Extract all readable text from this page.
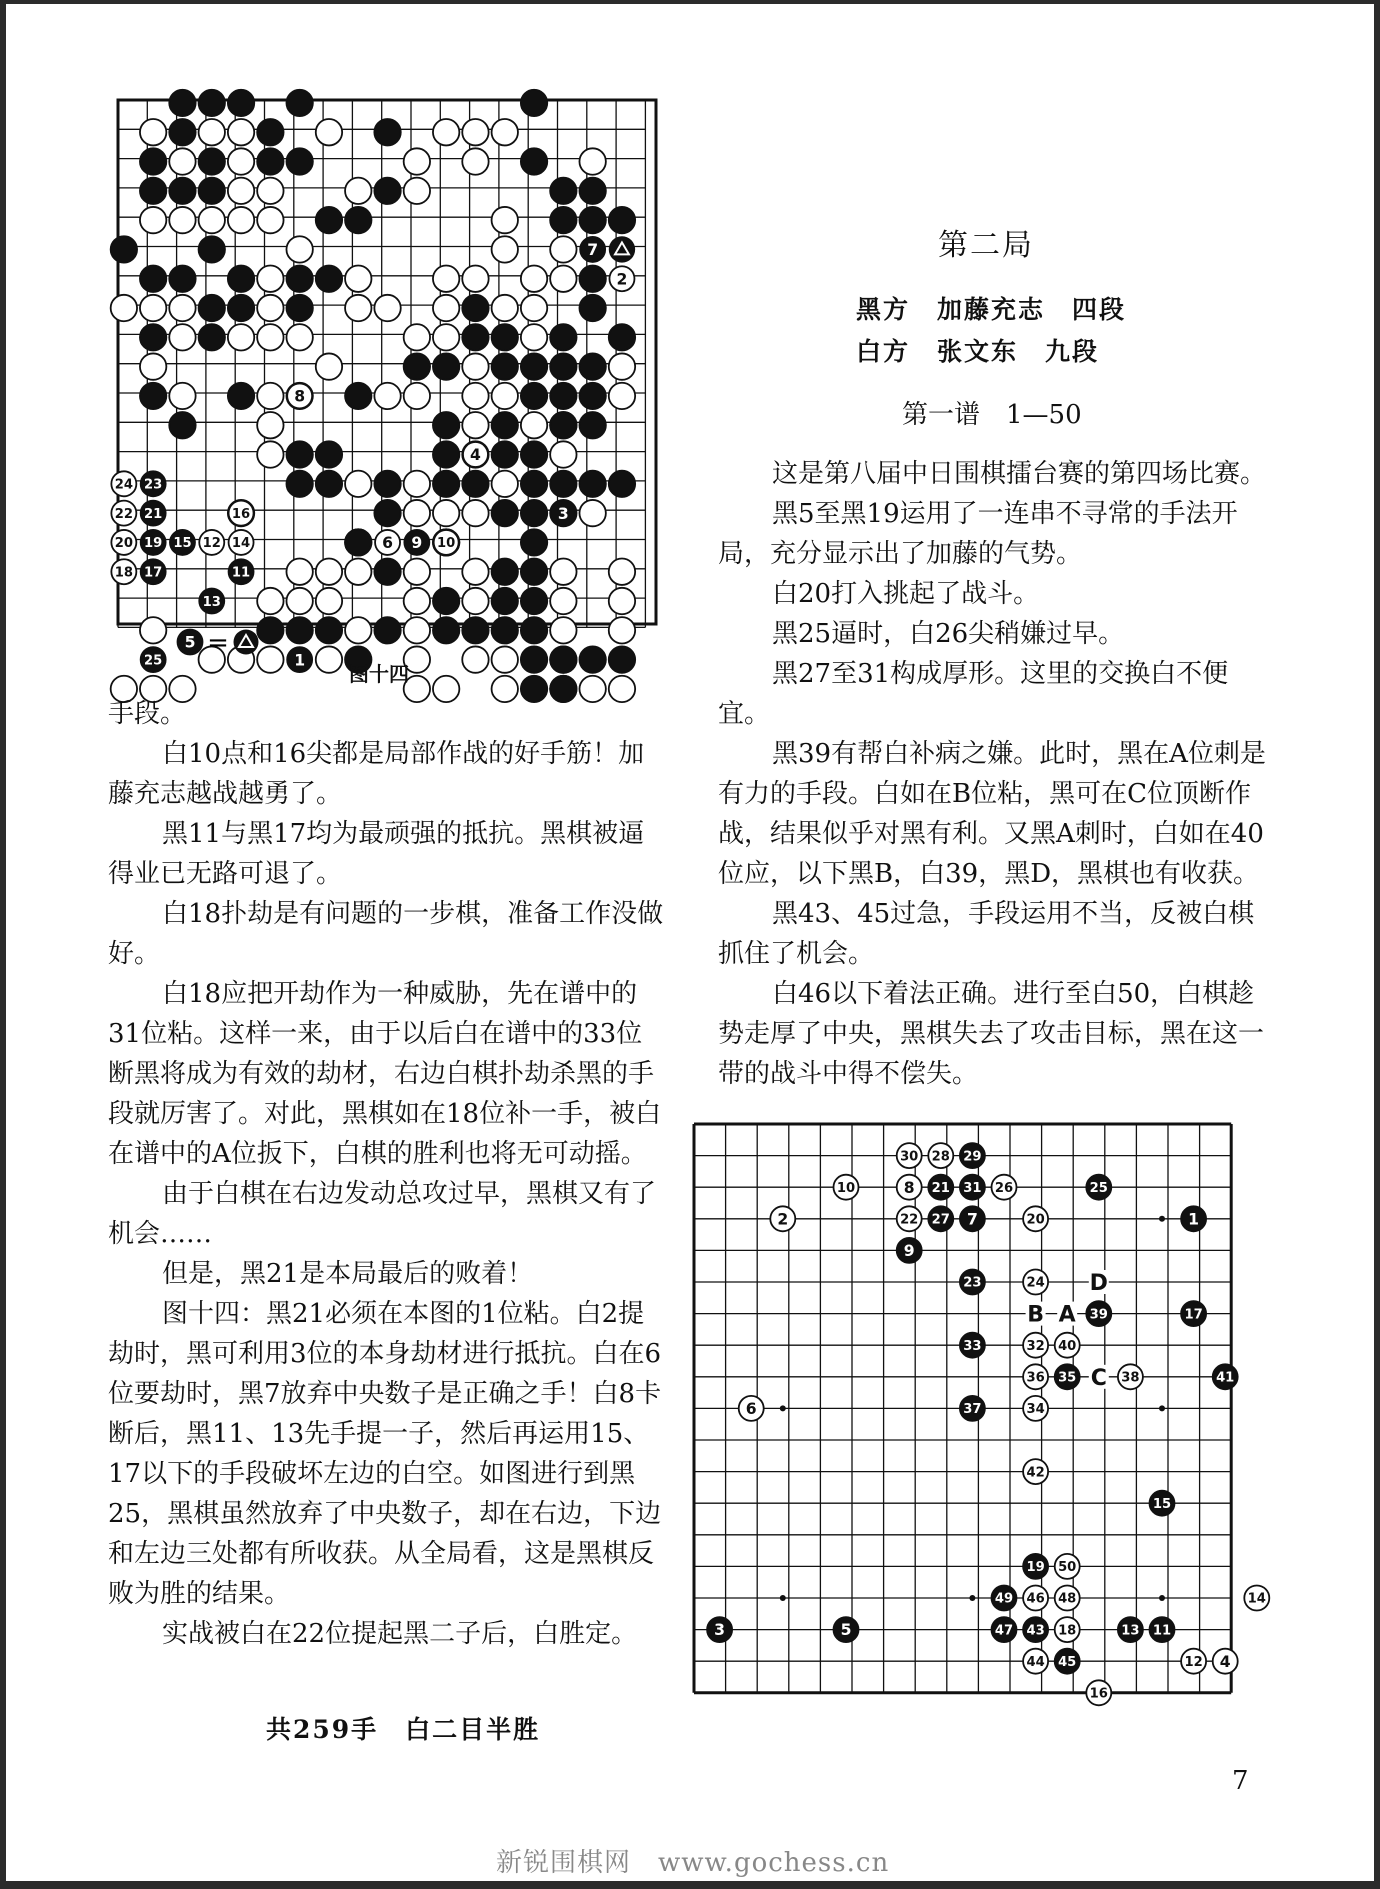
2
4
6
8
10
12 14
16
18
20
22
24
7
1
3
9
11
13
15
17
19
21
23
25
5 =
图十四

手段。

白10点和16尖都是局部作战的好手筋！加藤充志越战越勇了。

黑11与黑17均为最顽强的抵抗。黑棋被逼得业已无路可退了。

白18扑劫是有问题的一步棋，准备工作没做好。

白18应把开劫作为一种威胁，先在谱中的31位粘。这样一来，由于以后白在谱中的33位断黑将成为有效的劫材，右边白棋扑劫杀黑的手段就厉害了。对此，黑棋如在18位补一手，被白在谱中的A位扳下，白棋的胜利也将无可动摇。

由于白棋在右边发动总攻过早，黑棋又有了机会……

但是，黑21是本局最后的败着！

图十四：黑21必须在本图的1位粘。白2提劫时，黑可利用3位的本身劫材进行抵抗。白在6位要劫时，黑7放弃中央数子是正确之手！白8卡断后，黑11、13先手提一子，然后再运用15、17以下的手段破坏左边的白空。如图进行到黑25，黑棋虽然放弃了中央数子，却在右边，下边和左边三处都有所收获。从全局看，这是黑棋反败为胜的结果。

实战被白在22位提起黑二子后，白胜定。

共259手　白二目半胜
第二局
黑方　加藤充志　四段
白方　张文东　九段
第一谱　1—50

这是第八届中日围棋擂台赛的第四场比赛。

黑5至黑19运用了一连串不寻常的手法开局，充分显示出了加藤的气势。

白20打入挑起了战斗。

黑25逼时，白26尖稍嫌过早。

黑27至31构成厚形。这里的交换白不便宜。

黑39有帮白补病之嫌。此时，黑在A位刺是有力的手段。白如在B位粘，黑可在C位顶断作战，结果似乎对黑有利。又黑A刺时，白如在40位应，以下黑B，白39，黑D，黑棋也有收获。

黑43、45过急，手段运用不当，反被白棋抓住了机会。

白46以下着法正确。进行至白50，白棋趁势走厚了中央，黑棋失去了攻击目标，黑在这一带的战斗中得不偿失。

2
4
6
8
10
12
14
16
18
20
22
24
26
28
30
32
34
36	38
40
42
44
46 48
50
1
3	5
7
9
11
13
15
17
19
21
23
25
27
29
31
33
35
37
39
41
43
45
47
49
A
B
C
D
7
新锐围棋网　www.gochess.cn
